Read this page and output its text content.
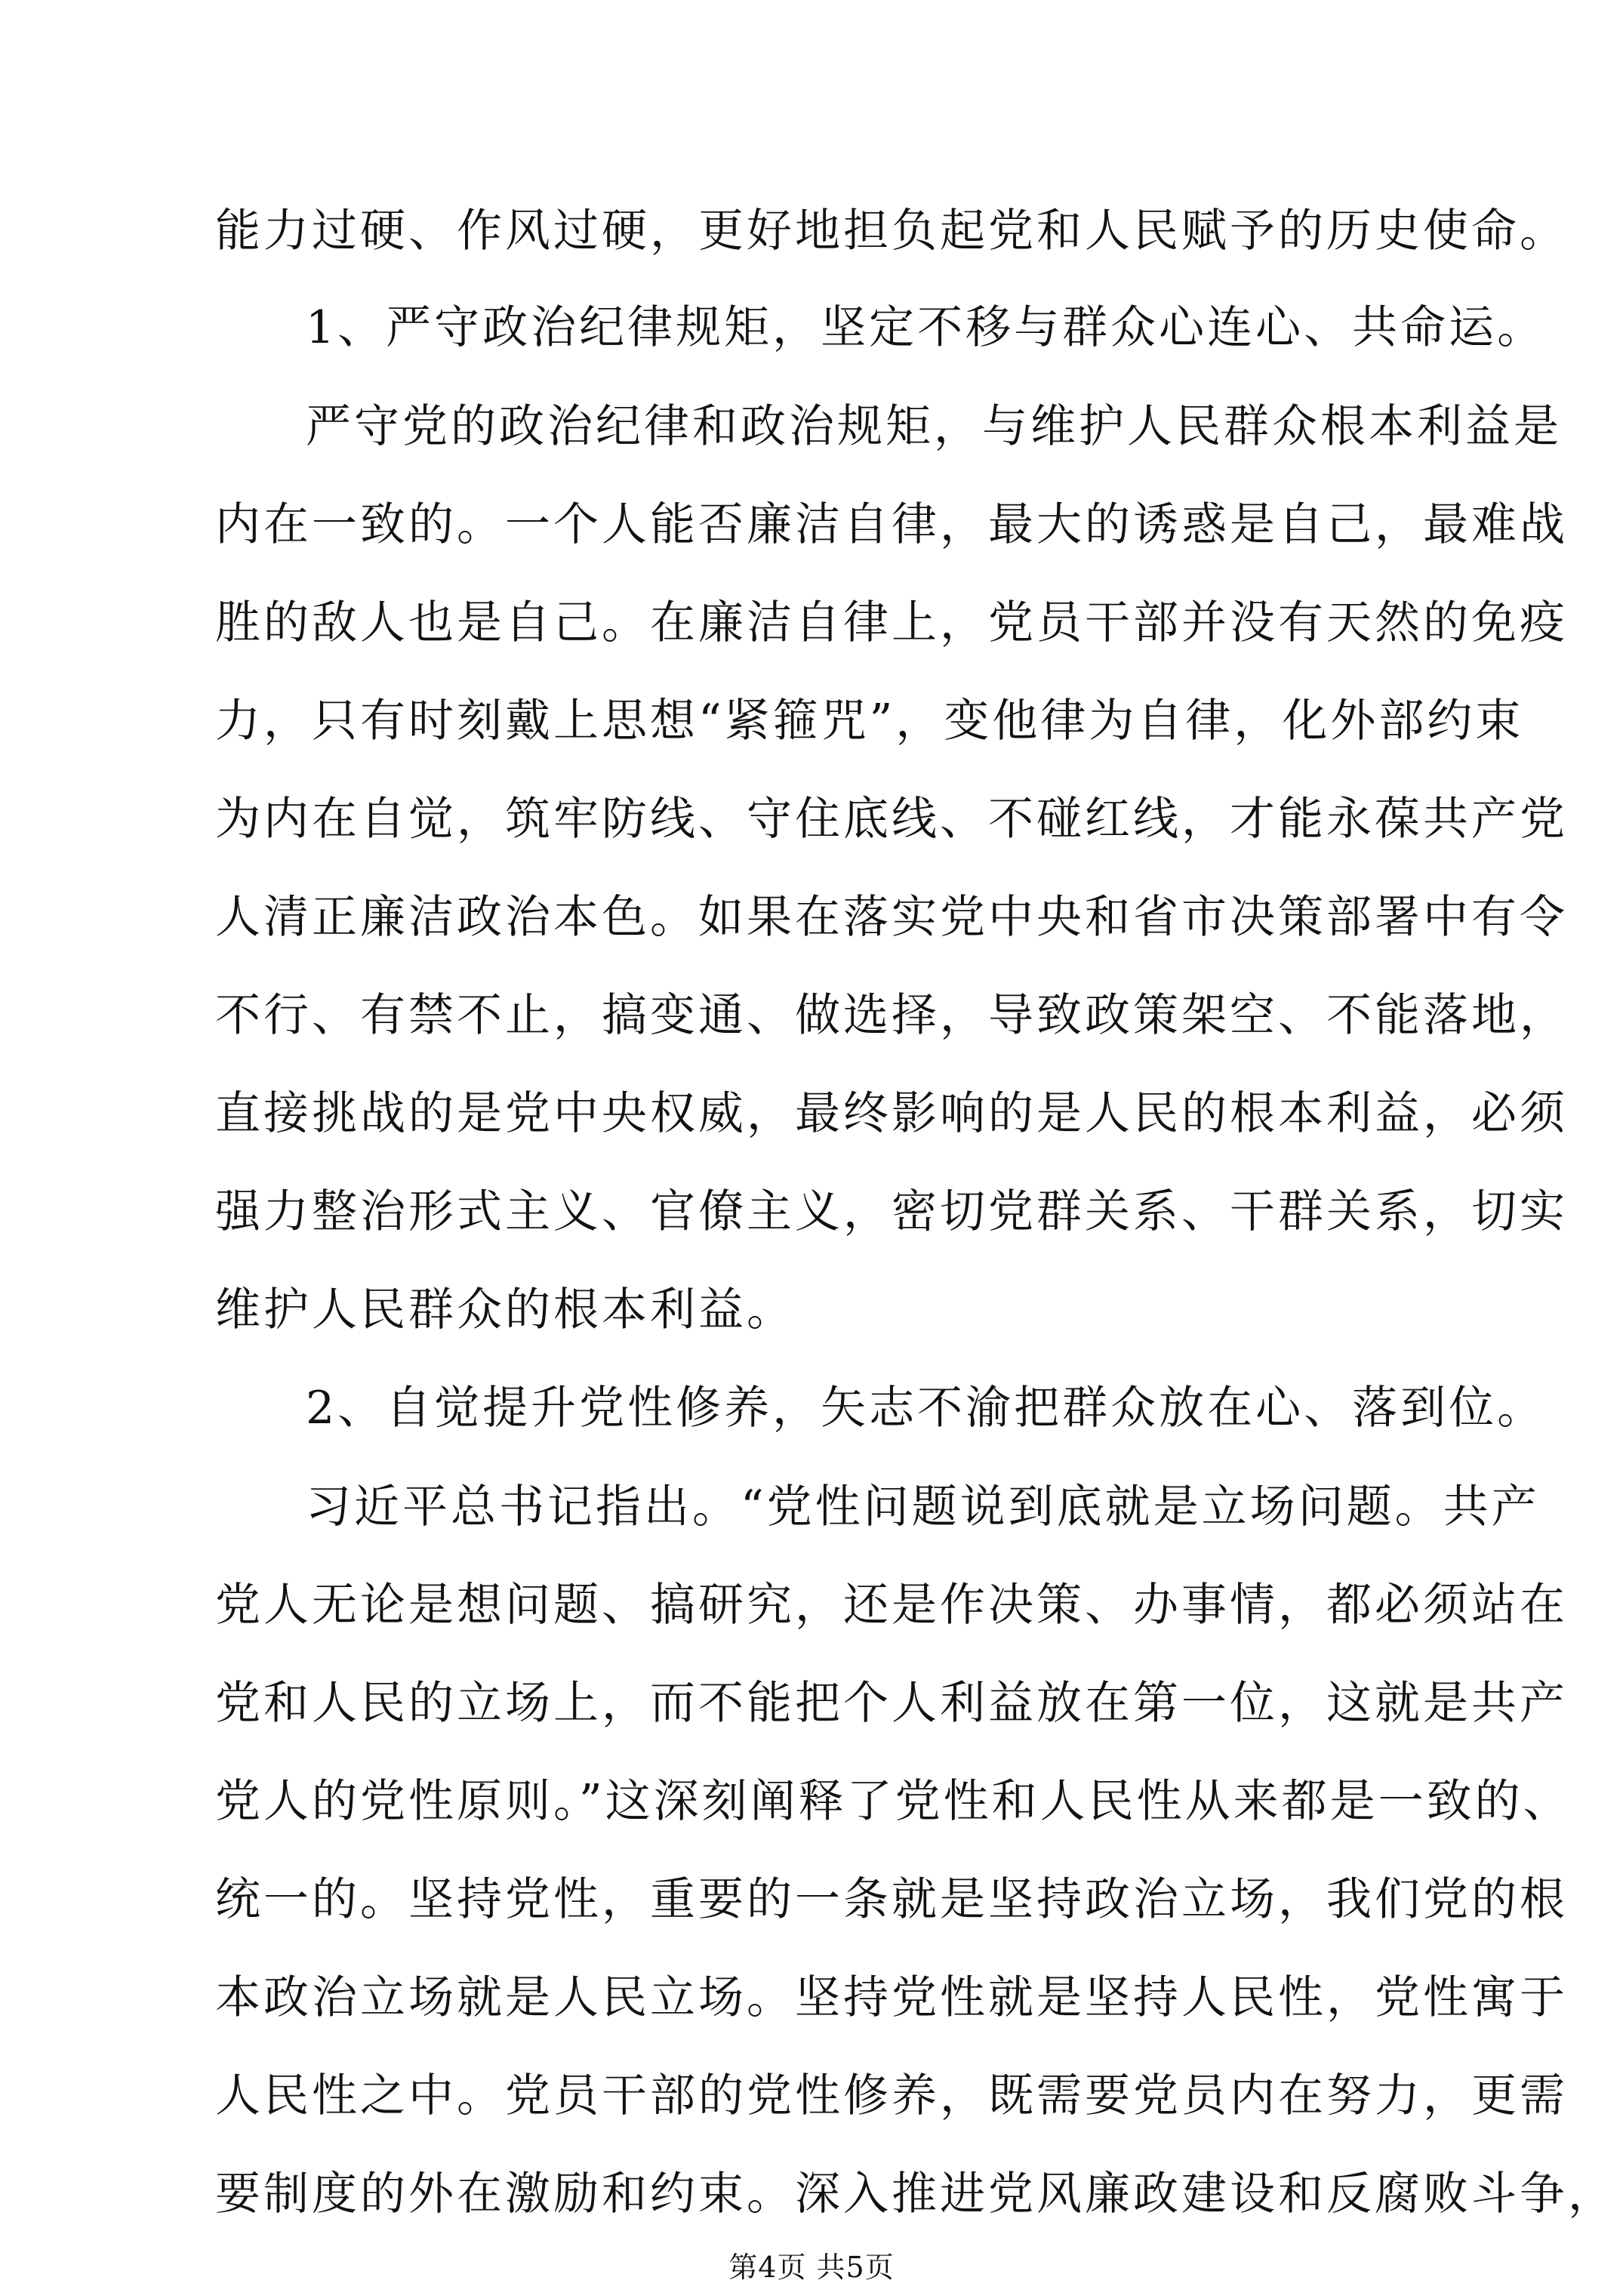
能力过硬、作风过硬，更好地担负起党和人民赋予的历史使命。
1、严守政治纪律规矩，坚定不移与群众心连心、共命运。
严守党的政治纪律和政治规矩，与维护人民群众根本利益是
内在一致的。一个人能否廉洁自律，最大的诱惑是自己，最难战
胜的敌人也是自己。在廉洁自律上，党员干部并没有天然的免疫
力，只有时刻戴上思想“紧箍咒”，变他律为自律，化外部约束
为内在自觉，筑牢防线、守住底线、不碰红线，才能永葆共产党
人清正廉洁政治本色。如果在落实党中央和省市决策部署中有令
不行、有禁不止，搞变通、做选择，导致政策架空、不能落地，
直接挑战的是党中央权威，最终影响的是人民的根本利益，必须
强力整治形式主义、官僚主义，密切党群关系、干群关系，切实
维护人民群众的根本利益。
2、自觉提升党性修养，矢志不渝把群众放在心、落到位。
习近平总书记指出。“党性问题说到底就是立场问题。共产
党人无论是想问题、搞研究，还是作决策、办事情，都必须站在
党和人民的立场上，而不能把个人利益放在第一位，这就是共产
党人的党性原则。”这深刻阐释了党性和人民性从来都是一致的、
统一的。坚持党性，重要的一条就是坚持政治立场，我们党的根
本政治立场就是人民立场。坚持党性就是坚持人民性，党性寓于
人民性之中。党员干部的党性修养，既需要党员内在努力，更需
要制度的外在激励和约束。深入推进党风廉政建设和反腐败斗争，
第4页 共5页
